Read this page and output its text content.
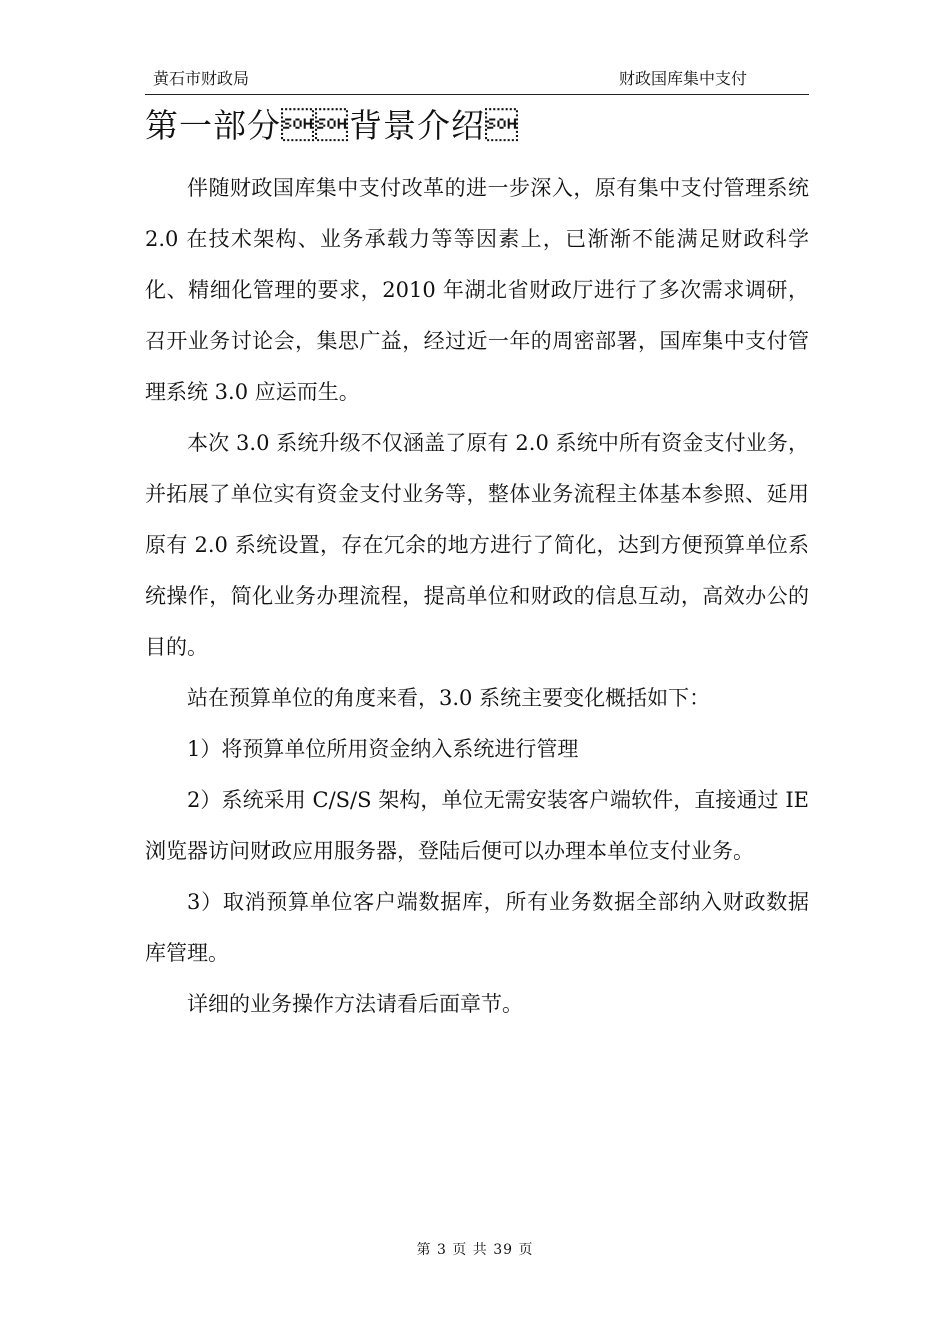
黄石市财政局	财政国库集中支付
第一部分背景介绍

伴随财政国库集中支付改革的进一步深入，原有集中支付管理系统 2.0 在技术架构、业务承载力等等因素上，已渐渐不能满足财政科学化、精细化管理的要求，2010 年湖北省财政厅进行了多次需求调研，召开业务讨论会，集思广益，经过近一年的周密部署，国库集中支付管理系统 3.0 应运而生。

本次 3.0 系统升级不仅涵盖了原有 2.0 系统中所有资金支付业务，并拓展了单位实有资金支付业务等，整体业务流程主体基本参照、延用原有 2.0 系统设置，存在冗余的地方进行了简化，达到方便预算单位系统操作，简化业务办理流程，提高单位和财政的信息互动，高效办公的目的。

站在预算单位的角度来看，3.0 系统主要变化概括如下：

1）将预算单位所用资金纳入系统进行管理

2）系统采用 C/S/S 架构，单位无需安装客户端软件，直接通过 IE 浏览器访问财政应用服务器，登陆后便可以办理本单位支付业务。

3）取消预算单位客户端数据库，所有业务数据全部纳入财政数据库管理。

详细的业务操作方法请看后面章节。

第 3 页 共 39 页
